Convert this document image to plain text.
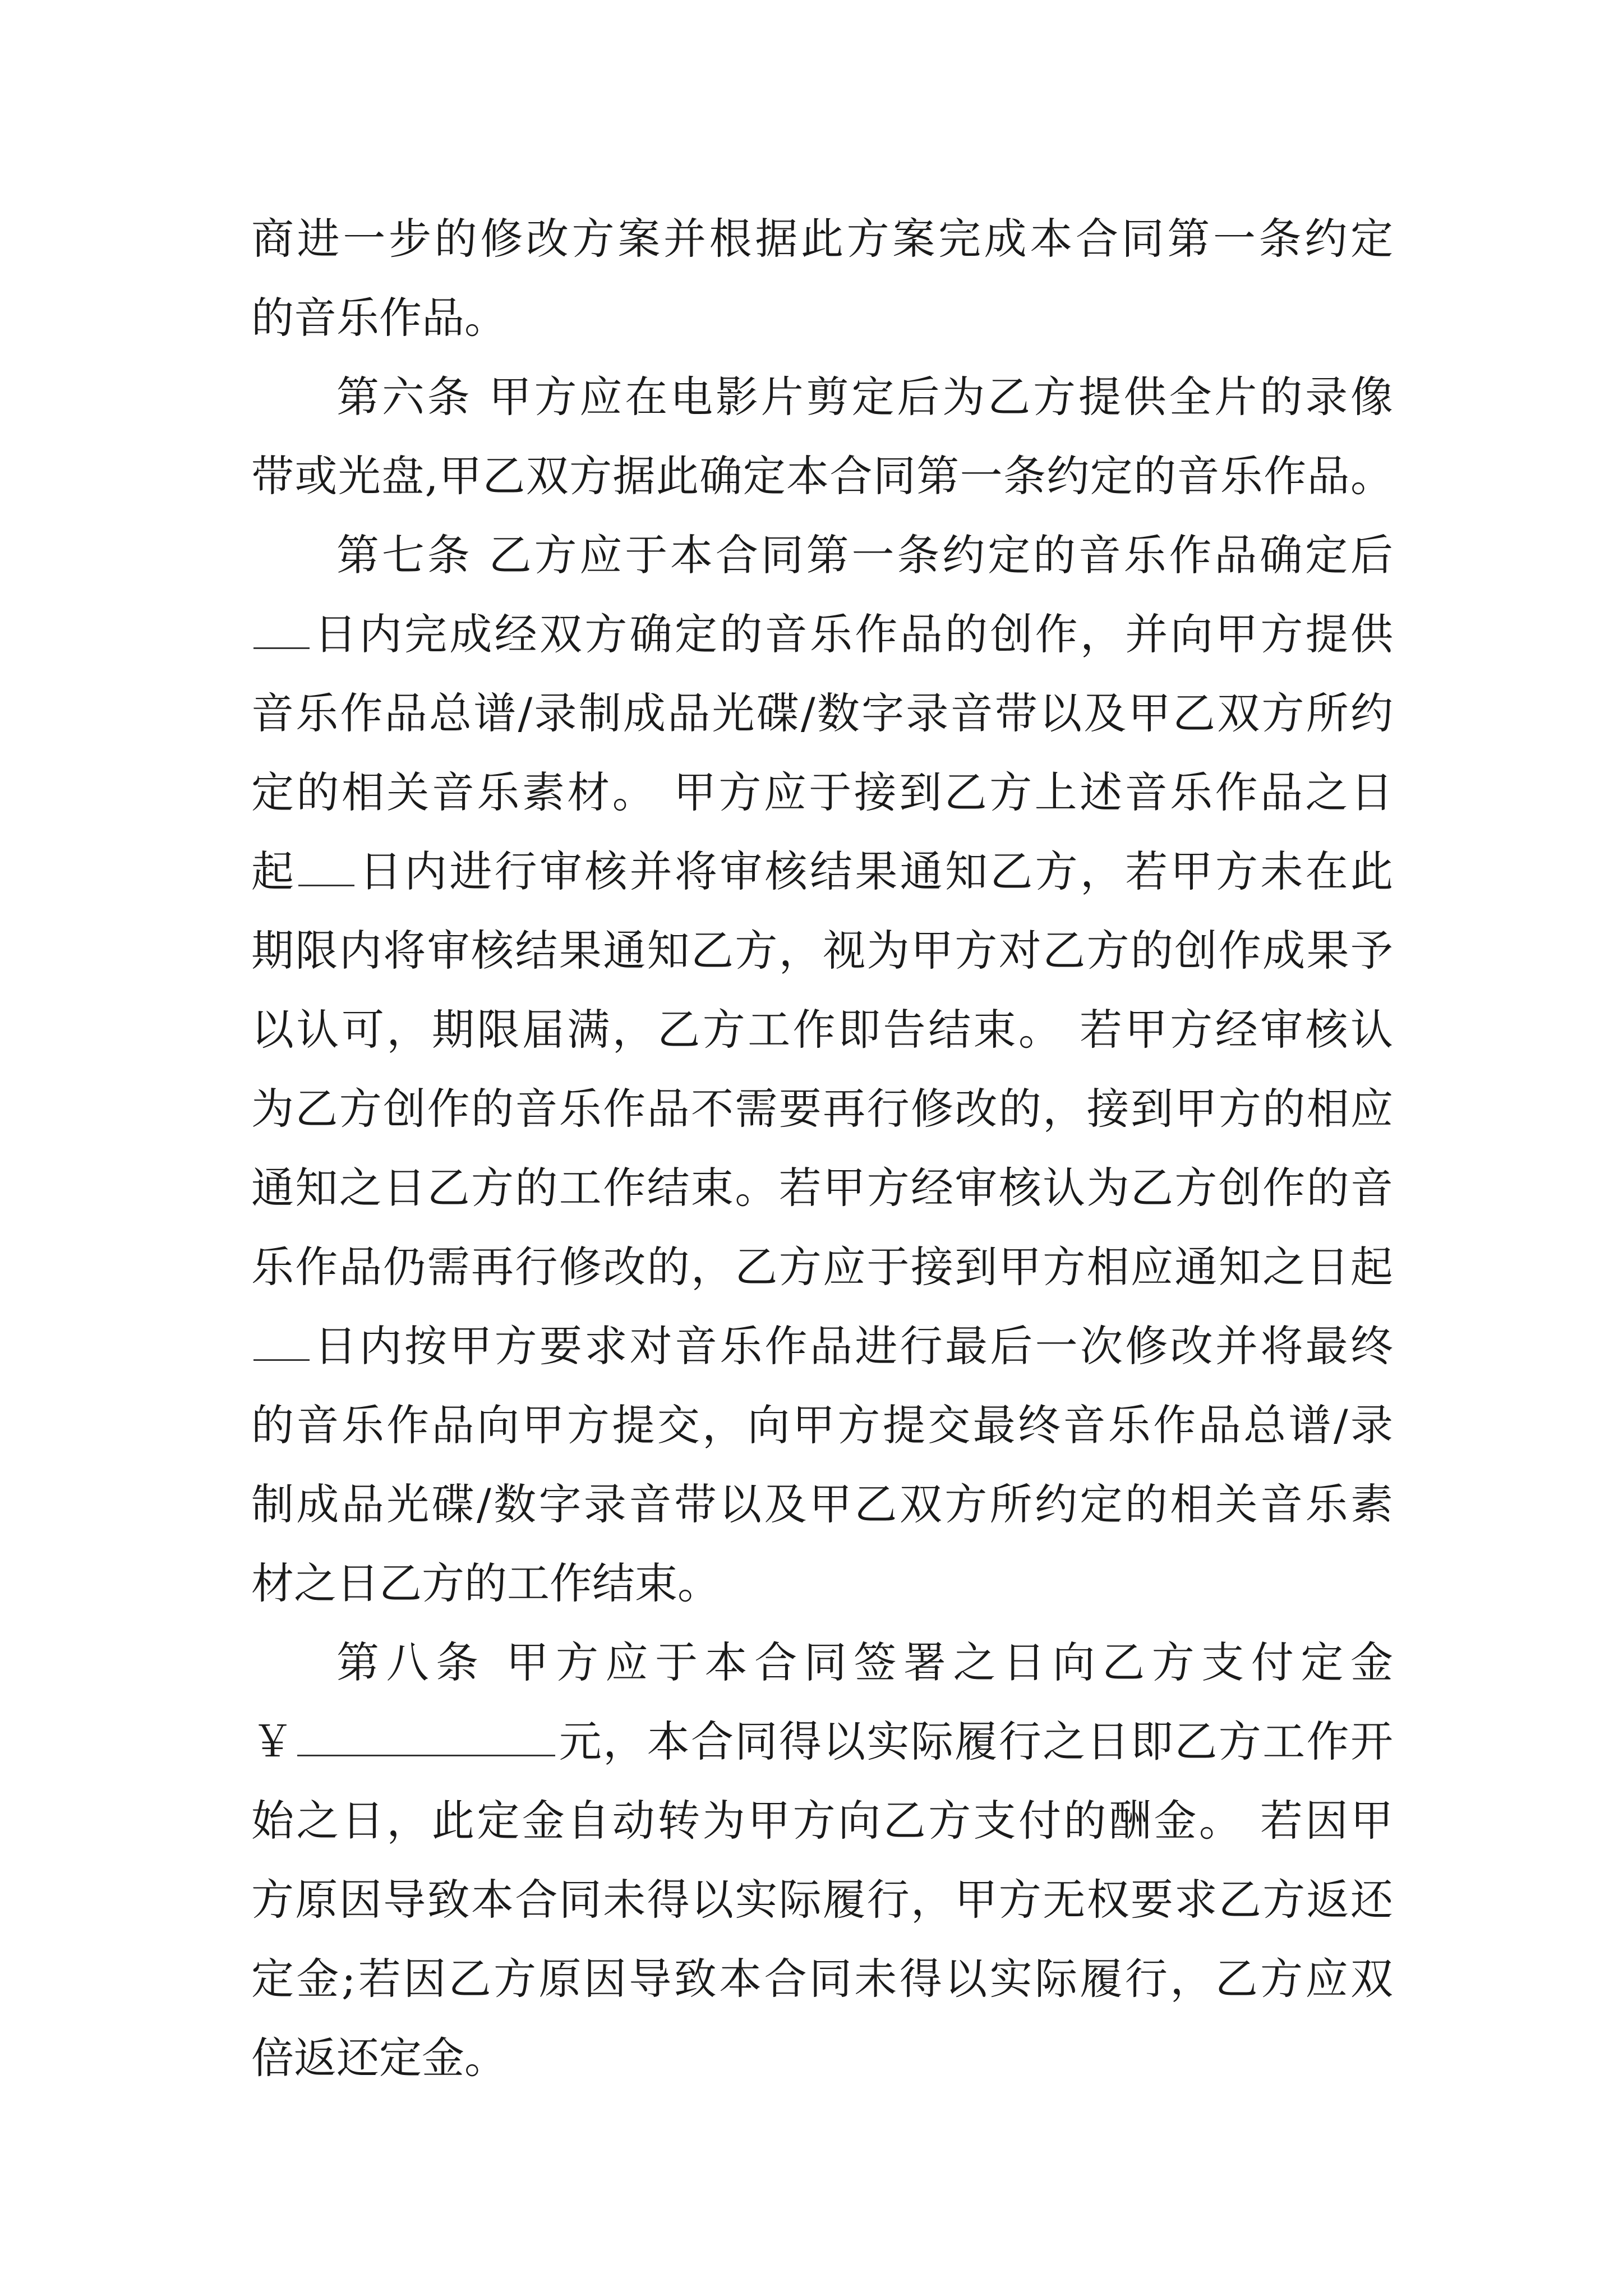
商进一步的修改方案并根据此方案完成本合同第一条约定
的音乐作品。
第六条 甲方应在电影片剪定后为乙方提供全片的录像
带或光盘,甲乙双方据此确定本合同第一条约定的音乐作品。
第七条 乙方应于本合同第一条约定的音乐作品确定后
日内完成经双方确定的音乐作品的创作，并向甲方提供
音乐作品总谱/录制成品光碟/数字录音带以及甲乙双方所约
定的相关音乐素材。 甲方应于接到乙方上述音乐作品之日
起 日内进行审核并将审核结果通知乙方，若甲方未在此
期限内将审核结果通知乙方，视为甲方对乙方的创作成果予
以认可，期限届满，乙方工作即告结束。 若甲方经审核认
为乙方创作的音乐作品不需要再行修改的，接到甲方的相应
通知之日乙方的工作结束。若甲方经审核认为乙方创作的音
乐作品仍需再行修改的，乙方应于接到甲方相应通知之日起
日内按甲方要求对音乐作品进行最后一次修改并将最终
的音乐作品向甲方提交，向甲方提交最终音乐作品总谱/录
制成品光碟/数字录音带以及甲乙双方所约定的相关音乐素
材之日乙方的工作结束。
第八条 甲方应于本合同签署之日向乙方支付定金
￥	元，本合同得以实际履行之日即乙方工作开
始之日，此定金自动转为甲方向乙方支付的酬金。 若因甲
方原因导致本合同未得以实际履行，甲方无权要求乙方返还
定金;若因乙方原因导致本合同未得以实际履行，乙方应双
倍返还定金。
